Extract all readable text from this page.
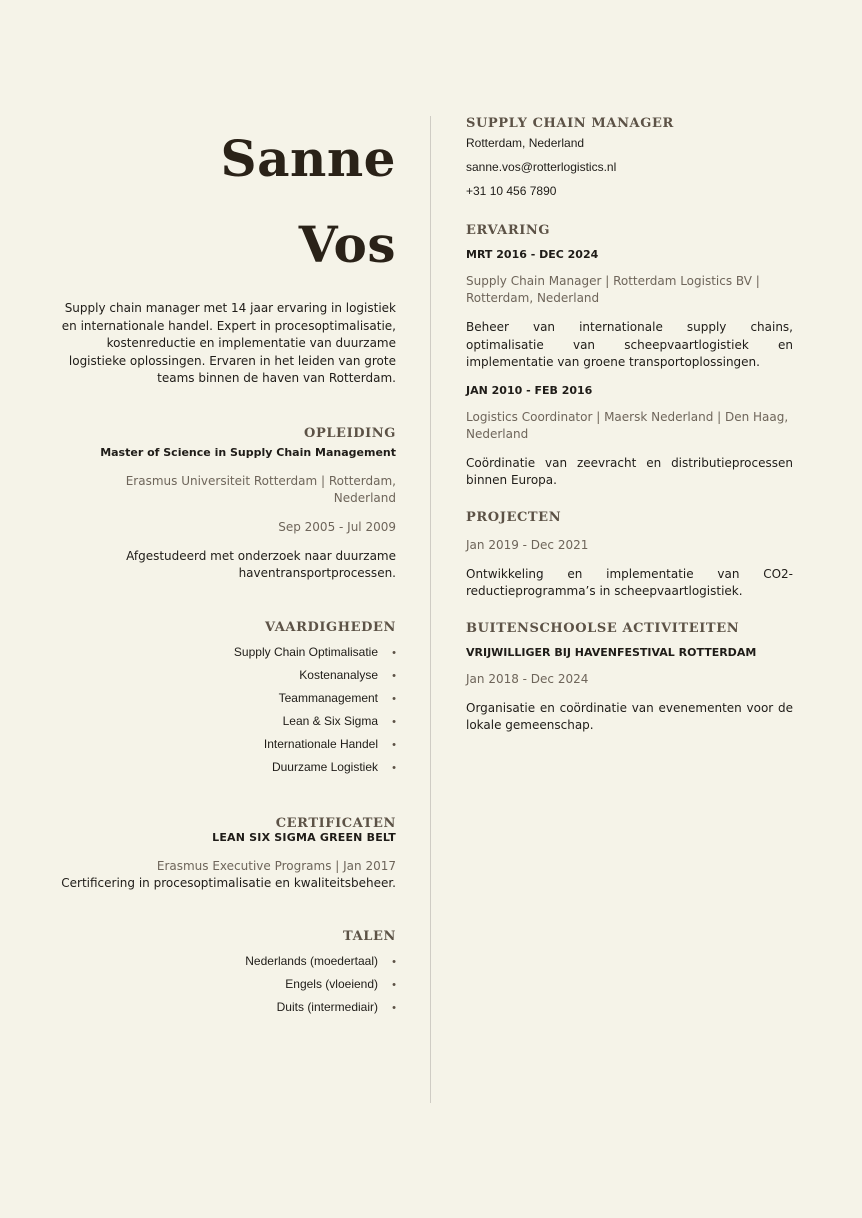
Sanne
Vos
Supply chain manager met 14 jaar ervaring in logistiek en internationale handel. Expert in procesoptimalisatie, kostenreductie en implementatie van duurzame logistieke oplossingen. Ervaren in het leiden van grote teams binnen de haven van Rotterdam.
OPLEIDING
Master of Science in Supply Chain Management
Erasmus Universiteit Rotterdam | Rotterdam, Nederland
Sep 2005 - Jul 2009
Afgestudeerd met onderzoek naar duurzame haventransportprocessen.
VAARDIGHEDEN
Supply Chain Optimalisatie •
Kostenanalyse •
Teammanagement •
Lean & Six Sigma •
Internationale Handel •
Duurzame Logistiek •
CERTIFICATEN
LEAN SIX SIGMA GREEN BELT
Erasmus Executive Programs | Jan 2017
Certificering in procesoptimalisatie en kwaliteitsbeheer.
TALEN
Nederlands (moedertaal) •
Engels (vloeiend) •
Duits (intermediair) •
SUPPLY CHAIN MANAGER
Rotterdam, Nederland
sanne.vos@rotterlogistics.nl
+31 10 456 7890
ERVARING
MRT 2016 - DEC 2024
Supply Chain Manager | Rotterdam Logistics BV | Rotterdam, Nederland
Beheer van internationale supply chains, optimalisatie van scheepvaartlogistiek en implementatie van groene transportoplossingen.
JAN 2010 - FEB 2016
Logistics Coordinator | Maersk Nederland | Den Haag, Nederland
Coördinatie van zeevracht en distributieprocessen binnen Europa.
PROJECTEN
Jan 2019 - Dec 2021
Ontwikkeling en implementatie van CO2-reductieprogramma’s in scheepvaartlogistiek.
BUITENSCHOOLSE ACTIVITEITEN
VRIJWILLIGER BIJ HAVENFESTIVAL ROTTERDAM
Jan 2018 - Dec 2024
Organisatie en coördinatie van evenementen voor de lokale gemeenschap.
